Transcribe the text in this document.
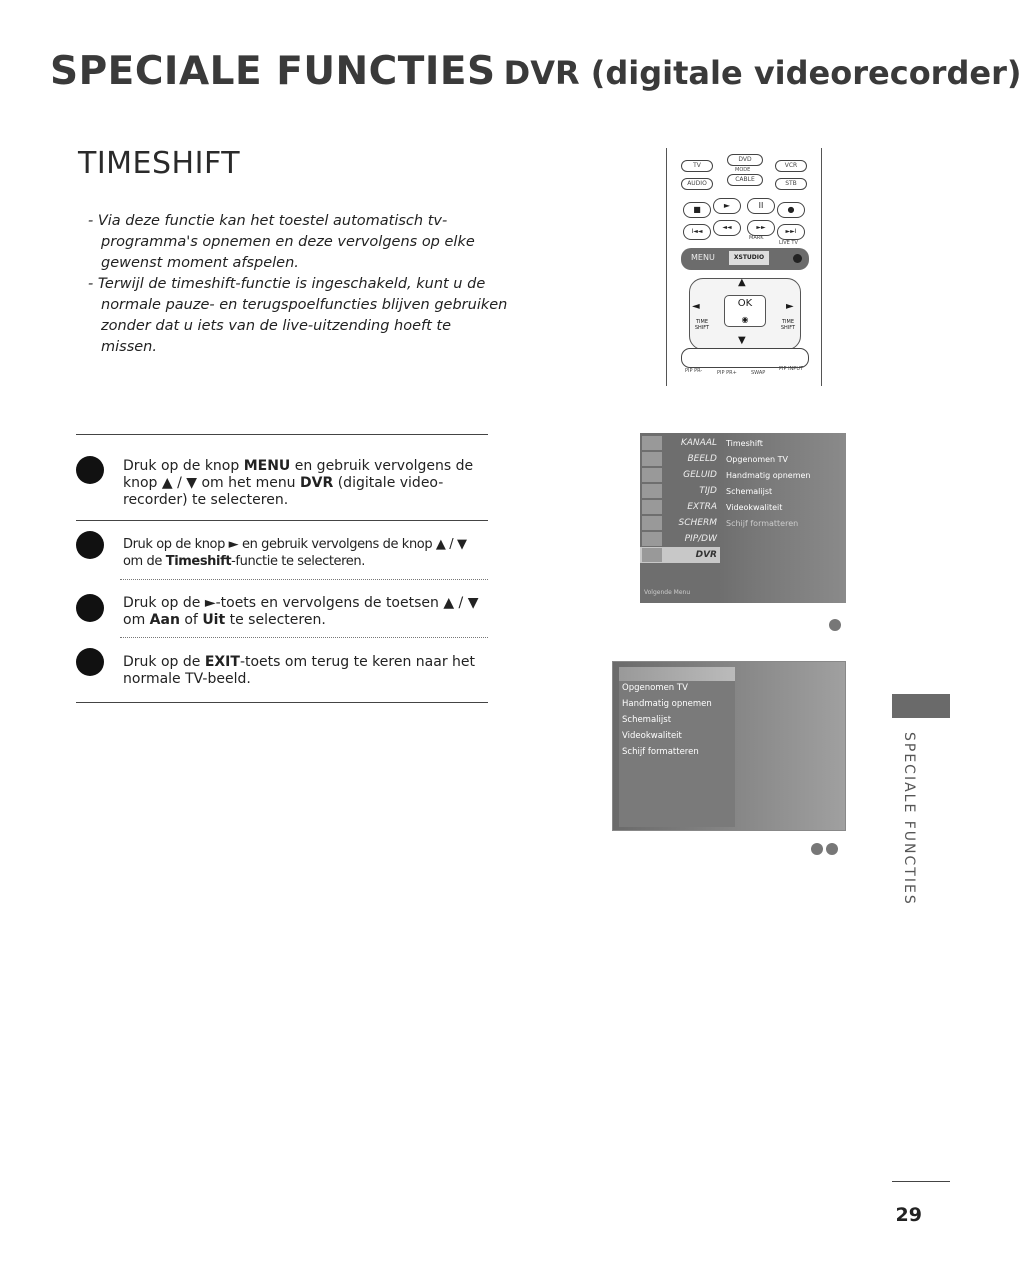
SPECIALE FUNCTIES DVR (digitale videorecorder)
TIMESHIFT

- Via deze functie kan het toestel automatisch tv-programma's opnemen en deze vervolgens op elke gewenst moment afspelen.

- Terwijl de timeshift-functie is ingeschakeld, kunt u de normale pauze- en terugspoelfuncties blijven gebruiken zonder dat u iets van de live-uitzending hoeft te missen.

TV
DVD
VCR
MODE
AUDIO
CABLE
STB
■	►	II	●
I◄◄
◄◄	►►
►►I
MARK
LIVE TV
MENU	XSTUDIO
▲
▼
◄	►
OK
◉
TIME SHIFT
TIME SHIFT
PIP PR-	PIP PR+	SWAP
PIP INPUT
Druk op de knop MENU en gebruik vervolgens de knop ▲ / ▼ om het menu DVR (digitale video-recorder) te selecteren.
Druk op de knop ► en gebruik vervolgens de knop ▲ / ▼ om de Timeshift-functie te selecteren.
Druk op de ►-toets en vervolgens de toetsen ▲ / ▼ om Aan of Uit te selecteren.
Druk op de EXIT-toets om terug te keren naar het normale TV-beeld.
KANAAL
BEELD
GELUID
TIJD
EXTRA
SCHERM
PIP/DW
DVR
Timeshift
Opgenomen TV
Handmatig opnemen
Schemalijst
Videokwaliteit
Schijf formatteren
Volgende Menu
Opgenomen TV
Handmatig opnemen
Schemalijst
Videokwaliteit
Schijf formatteren	SPECIALE FUNCTIES
29
